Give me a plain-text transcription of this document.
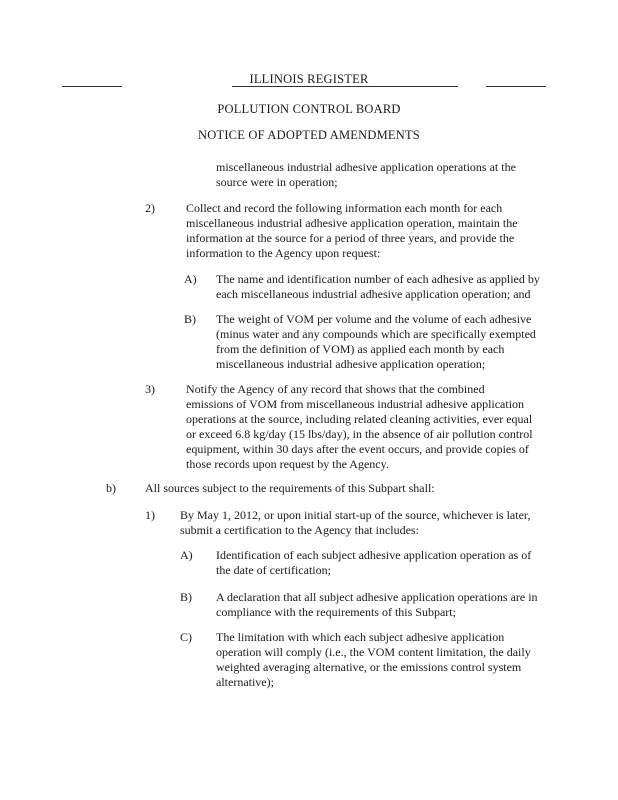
ILLINOIS REGISTER
POLLUTION CONTROL BOARD
NOTICE OF ADOPTED AMENDMENTS
miscellaneous industrial adhesive application operations at the source were in operation;
2)	Collect and record the following information each month for each miscellaneous industrial adhesive application operation, maintain the information at the source for a period of three years, and provide the information to the Agency upon request:
A) The name and identification number of each adhesive as applied by each miscellaneous industrial adhesive application operation; and
B) The weight of VOM per volume and the volume of each adhesive (minus water and any compounds which are specifically exempted from the definition of VOM) as applied each month by each miscellaneous industrial adhesive application operation;
3)	Notify the Agency of any record that shows that the combined emissions of VOM from miscellaneous industrial adhesive application operations at the source, including related cleaning activities, ever equal or exceed 6.8 kg/day (15 lbs/day), in the absence of air pollution control equipment, within 30 days after the event occurs, and provide copies of those records upon request by the Agency.
b) All sources subject to the requirements of this Subpart shall:
1) By May 1, 2012, or upon initial start-up of the source, whichever is later, submit a certification to the Agency that includes:
A) Identification of each subject adhesive application operation as of the date of certification;
B) A declaration that all subject adhesive application operations are in compliance with the requirements of this Subpart;
C) The limitation with which each subject adhesive application operation will comply (i.e., the VOM content limitation, the daily weighted averaging alternative, or the emissions control system alternative);
